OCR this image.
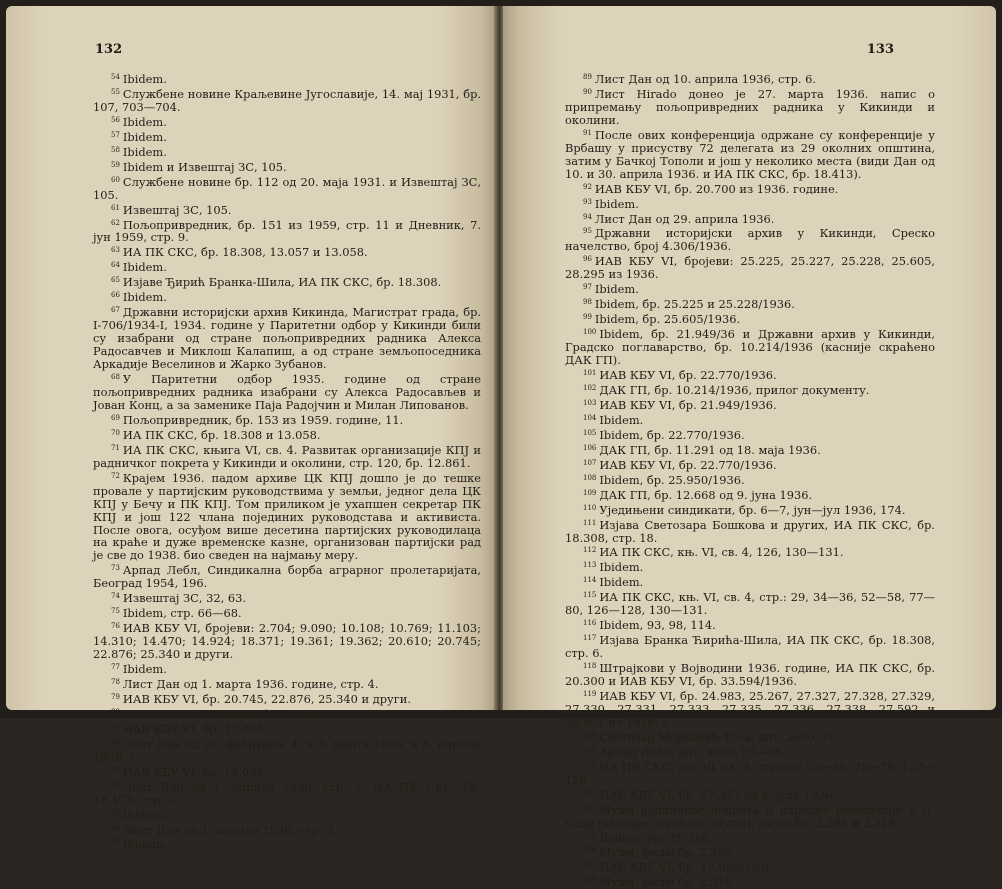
132

$^{54}$ Ibidem.

$^{55}$ Службене новине Краљевине Југославије, 14. мај 1931, бр. 107, 703—704.

$^{56}$ Ibidem.

$^{57}$ Ibidem.

$^{58}$ Ibidem.

$^{59}$ Ibidem и Извештај ЗС, 105.

$^{60}$ Службене новине бр. 112 од 20. маја 1931. и Извештај ЗС, 105.

$^{61}$ Извештај ЗС, 105.

$^{62}$ Пољопривредник, бр. 151 из 1959, стр. 11 и Дневник, 7. јун 1959, стр. 9.

$^{63}$ ИА ПК СКС, бр. 18.308, 13.057 и 13.058.

$^{64}$ Ibidem.

$^{65}$ Изјаве Ђирић Бранка-Шила, ИА ПК СКС, бр. 18.308.

$^{66}$ Ibidem.

$^{67}$ Државни историјски архив Кикинда, Магистрат града, бр. I-706/1934-I, 1934. године у Паритетни одбор у Кикинди били су изабрани од стране пољопривредних радника Алекса Радосавчев и Миклош Калапиш, а од стране земљопоседника Аркадије Веселинов и Жарко Зубанов.

$^{68}$ У Паритетни одбор 1935. године од стране пољопривредних радника изабрани су Алекса Радосављев и Јован Конц, а за заменике Паја Радојчин и Милан Липованов.

$^{69}$ Пољопривредник, бр. 153 из 1959. године, 11.

$^{70}$ ИА ПК СКС, бр. 18.308 и 13.058.

$^{71}$ ИА ПК СКС, књига VI, св. 4. Развитак организације КПЈ и радничког покрета у Кикинди и околини, стр. 120, бр. 12.861.

$^{72}$ Крајем 1936. падом архиве ЦК КПЈ дошло је до тешке провале у партијским руководствима у земљи, једног дела ЦК КПЈ у Бечу и ПК КПЈ. Том приликом је ухапшен секретар ПК КПЈ и још 122 члана појединих руководстава и активиста. После овога, осуђом више десетина партијских руководилаца на краће и дуже временске казне, организован партијски рад је све до 1938. био сведен на најмању меру.

$^{73}$ Арпад Лебл, Синдикална борба аграрног пролетаријата, Београд 1954, 196.

$^{74}$ Извештај ЗС, 32, 63.

$^{75}$ Ibidem, стр. 66—68.

$^{76}$ ИАВ КБУ VI, бројеви: 2.704; 9.090; 10.108; 10.769; 11.103; 14.310; 14.470; 14.924; 18.371; 19.361; 19.362; 20.610; 20.745; 22.876; 25.340 и други.

$^{77}$ Ibidem.

$^{78}$ Лист Дан од 1. марта 1936. године, стр. 4.

$^{79}$ ИАВ КБУ VI, бр. 20.745, 22.876, 25.340 и други.

$^{80}$ Лист Дан од 29. марта 1936, стр. 2.

$^{81}$ ИАВ КБУ VI, бр. 13.095.

$^{82}$ Лист Дан од 29. фебруара, 4. и 5. марта 1936. и 8. априла 1936. г.

$^{83}$ ИАВ КБУ VI, бр. 13.095.

$^{84}$ Лист Дан од 1. априла 1936. стр. 3; ИА ПК СКС, бр. 18.173, стр. 2.

$^{85}$ Ibidem.

$^{86}$ Лист Дан од 1. априла 1936. стр. 3.

$^{87}$ Ibidem.

133

$^{89}$ Лист Дан од 10. априла 1936, стр. 6.

$^{90}$ Лист Hirado донео је 27. марта 1936. напис о припремању пољопривредних радника у Кикинди и околини.

$^{91}$ После ових конференција одржане су конференције у Врбашу у присуству 72 делегата из 29 околних општина, затим у Бачкој Тополи и још у неколико места (види Дан од 10. и 30. априла 1936. и ИА ПК СКС, бр. 18.413).

$^{92}$ ИАВ КБУ VI, бр. 20.700 из 1936. године.

$^{93}$ Ibidem.

$^{94}$ Лист Дан од 29. априла 1936.

$^{95}$ Државни историјски архив у Кикинди, Среско начелство, број 4.306/1936.

$^{96}$ ИАВ КБУ VI, бројеви: 25.225, 25.227, 25.228, 25.605, 28.295 из 1936.

$^{97}$ Ibidem.

$^{98}$ Ibidem, бр. 25.225 и 25.228/1936.

$^{99}$ Ibidem, бр. 25.605/1936.

$^{100}$ Ibidem, бр. 21.949/36 и Државни архив у Кикинди, Градско поглаварство, бр. 10.214/1936 (касније скраћено ДАК ГП).

$^{101}$ ИАВ КБУ VI, бр. 22.770/1936.

$^{102}$ ДАК ГП, бр. 10.214/1936, прилог документу.

$^{103}$ ИАВ КБУ VI, бр. 21.949/1936.

$^{104}$ Ibidem.

$^{105}$ Ibidem, бр. 22.770/1936.

$^{106}$ ДАК ГП, бр. 11.291 од 18. маја 1936.

$^{107}$ ИАВ КБУ VI, бр. 22.770/1936.

$^{108}$ Ibidem, бр. 25.950/1936.

$^{109}$ ДАК ГП, бр. 12.668 од 9. јуна 1936.

$^{110}$ Уједињени синдикати, бр. 6—7, јун—јул 1936, 174.

$^{111}$ Изјава Светозара Бошкова и других, ИА ПК СКС, бр. 18.308, стр. 18.

$^{112}$ ИА ПК СКС, књ. VI, св. 4, 126, 130—131.

$^{113}$ Ibidem.

$^{114}$ Ibidem.

$^{115}$ ИА ПК СКС, књ. VI, св. 4, стр.: 29, 34—36, 52—58, 77—80, 126—128, 130—131.

$^{116}$ Ibidem, 93, 98, 114.

$^{117}$ Изјава Бранка Ћирића-Шила, ИА ПК СКС, бр. 18.308, стр. 6.

$^{118}$ Штрајкови у Војводини 1936. године, ИА ПК СКС, бр. 20.300 и ИАВ КБУ VI, бр. 33.594/1936.

$^{119}$ ИАВ КБУ VI, бр. 24.983, 25.267, 27.327, 27.328, 27.329, 27.330, 27.331, 27.333, 27.335, 27.336, 27.338, 27.592 и 28.901 из 1936. г.

$^{120}$ Светозар Марковић-Тоза, цит. дело, 70.

$^{121}$ Арпад Лебл, цит. дело, 87—88.

$^{122}$ ИА ПК СКС, књ. VI, св. 4, стране: 52—56; 78—79, 127—128.

$^{123}$ ИАВ КБУ VI, бр. 27.327 од 4. јула 1936.

$^{124}$ Музеј радничког покрета и народне револуције у Н. Саду (касније скраћено Музеј), филм бр. 2.298 и 2.319.

$^{125}$ Ibidem, бр. 21.316.

$^{126}$ Музеј, филм бр. 2.298.

$^{127}$ ИАВ КБУ VI, бр. 13.095/1936.

$^{128}$ Музеј, филм бр. 2.316.
